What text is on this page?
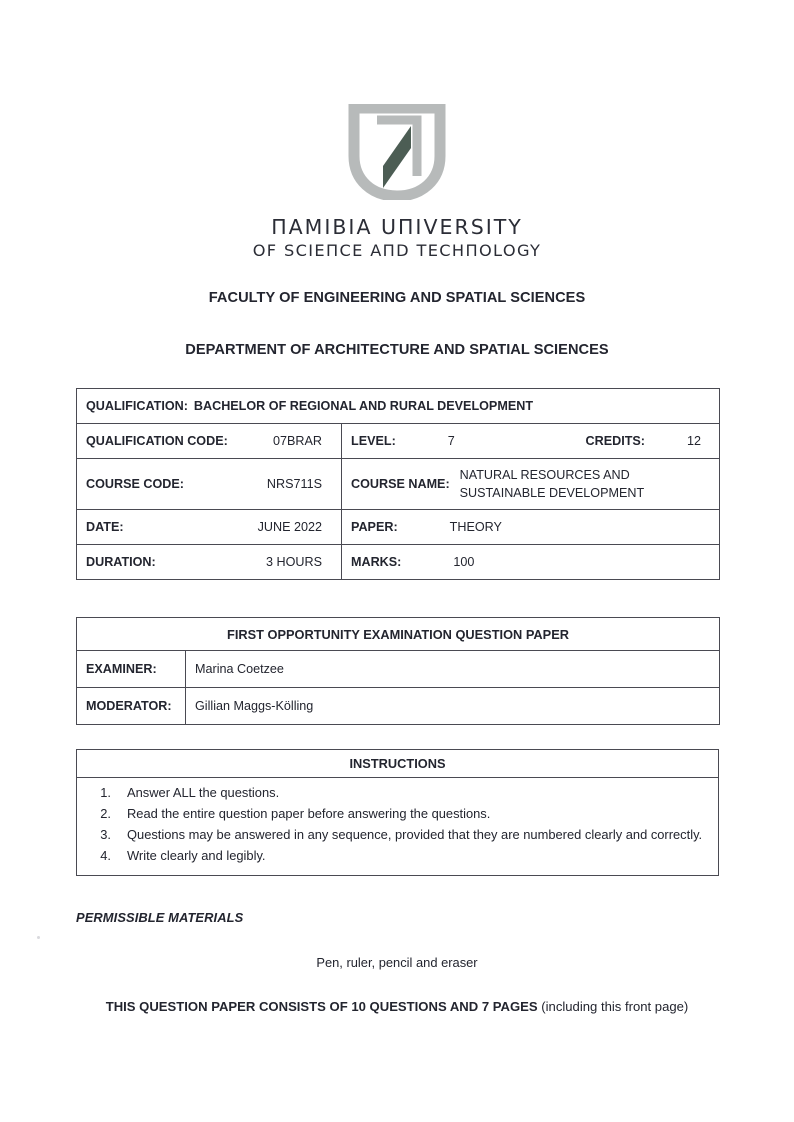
ПAMIBIA UПIVERSITY
OF SCIEПCE AПD TECHПOLOGY
FACULTY OF ENGINEERING AND SPATIAL SCIENCES
DEPARTMENT OF ARCHITECTURE AND SPATIAL SCIENCES
QUALIFICATION: BACHELOR OF REGIONAL AND RURAL DEVELOPMENT	

QUALIFICATION CODE: 07BRAR	LEVEL: 7 CREDITS: 12

COURSE CODE: NRS711S	COURSE NAME:
NATURAL RESOURCES AND
SUSTAINABLE DEVELOPMENT

DATE: JUNE 2022	PAPER: THEORY

DURATION: 3 HOURS	MARKS: 100
FIRST OPPORTUNITY EXAMINATION QUESTION PAPER	

EXAMINER:	Marina Coetzee

MODERATOR:	Gillian Maggs-Kölling
INSTRUCTIONS

1.	Answer ALL the questions.
2.	Read the entire question paper before answering the questions.
3.	Questions may be answered in any sequence, provided that they are numbered clearly and correctly.
4.	Write clearly and legibly.
PERMISSIBLE MATERIALS
Pen, ruler, pencil and eraser
THIS QUESTION PAPER CONSISTS OF 10 QUESTIONS AND 7 PAGES (including this front page)
